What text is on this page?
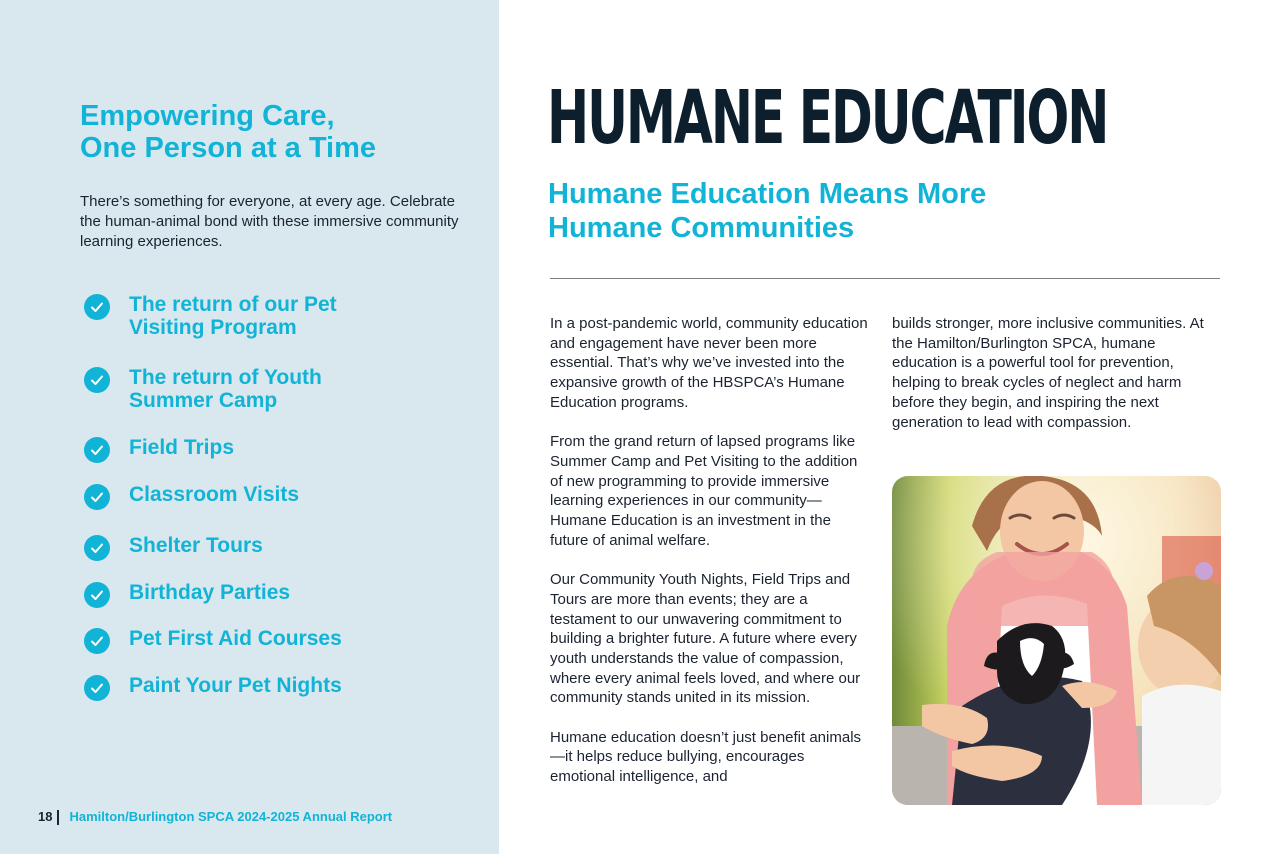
Empowering Care,
One Person at a Time

There’s something for everyone, at every age. Celebrate the human-animal bond with these immersive community learning experiences.

The return of our Pet Visiting Program
The return of Youth Summer Camp
Field Trips
Classroom Visits
Shelter Tours
Birthday Parties
Pet First Aid Courses
Paint Your Pet Nights
18 Hamilton/Burlington SPCA 2024-2025 Annual Report
HUMANE EDUCATION
Humane Education Means More
Humane Communities

In a post-pandemic world, community education and engagement have never been more essential. That’s why we’ve invested into the expansive growth of the HBSPCA’s Humane Education programs.

From the grand return of lapsed programs like Summer Camp and Pet Visiting to the addition of new programming to provide immersive learning experiences in our community—Humane Education is an investment in the future of animal welfare.

Our Community Youth Nights, Field Trips and Tours are more than events; they are a testament to our unwavering commitment to building a brighter future. A future where every youth understands the value of compassion, where every animal feels loved, and where our community stands united in its mission.

Humane education doesn’t just benefit animals—it helps reduce bullying, encourages emotional intelligence, and

builds stronger, more inclusive communities. At the Hamilton/Burlington SPCA, humane education is a powerful tool for prevention, helping to break cycles of neglect and harm before they begin, and inspiring the next generation to lead with compassion.
